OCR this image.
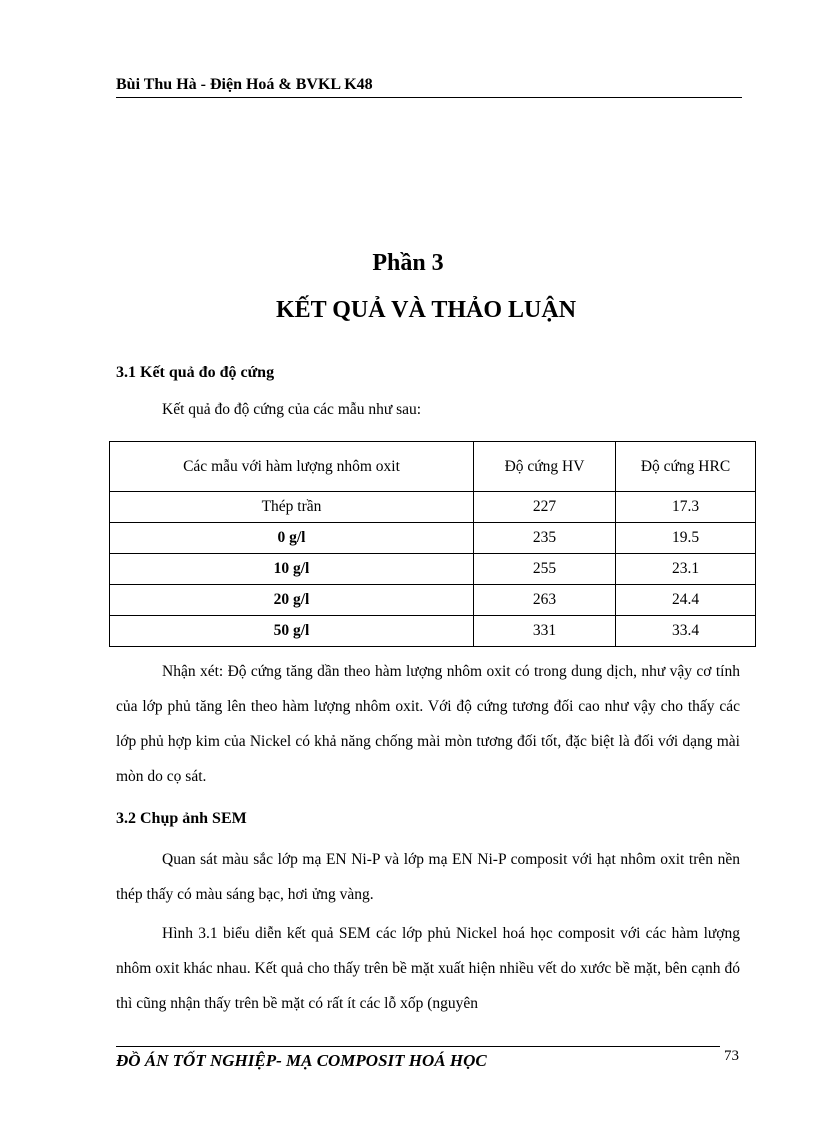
Bùi Thu Hà - Điện Hoá & BVKL K48
Phần 3
KẾT QUẢ VÀ THẢO LUẬN
3.1 Kết quả đo độ cứng

Kết quả đo độ cứng của các mẫu như sau:

Các mẫu với hàm lượng nhôm oxit	Độ cứng HV	Độ cứng HRC
Thép trần	227	17.3
0 g/l	235	19.5
10 g/l	255	23.1
20 g/l	263	24.4
50 g/l	331	33.4

Nhận xét: Độ cứng tăng dần theo hàm lượng nhôm oxit có trong dung dịch, như vậy cơ tính của lớp phủ tăng lên theo hàm lượng nhôm oxit. Với độ cứng tương đối cao như vậy cho thấy các lớp phủ hợp kim của Nickel có khả năng chống mài mòn tương đối tốt, đặc biệt là đối với dạng mài mòn do cọ sát.

3.2 Chụp ảnh SEM

Quan sát màu sắc lớp mạ EN Ni-P và lớp mạ EN Ni-P composit với hạt nhôm oxit trên nền thép thấy có màu sáng bạc, hơi ửng vàng.

Hình 3.1 biểu diễn kết quả SEM các lớp phủ Nickel hoá học composit với các hàm lượng nhôm oxit khác nhau. Kết quả cho thấy trên bề mặt xuất hiện nhiều vết do xước bề mặt, bên cạnh đó thì cũng nhận thấy trên bề mặt có rất ít các lỗ xốp (nguyên

ĐỒ ÁN TỐT NGHIỆP- MẠ COMPOSIT HOÁ HỌC	73
